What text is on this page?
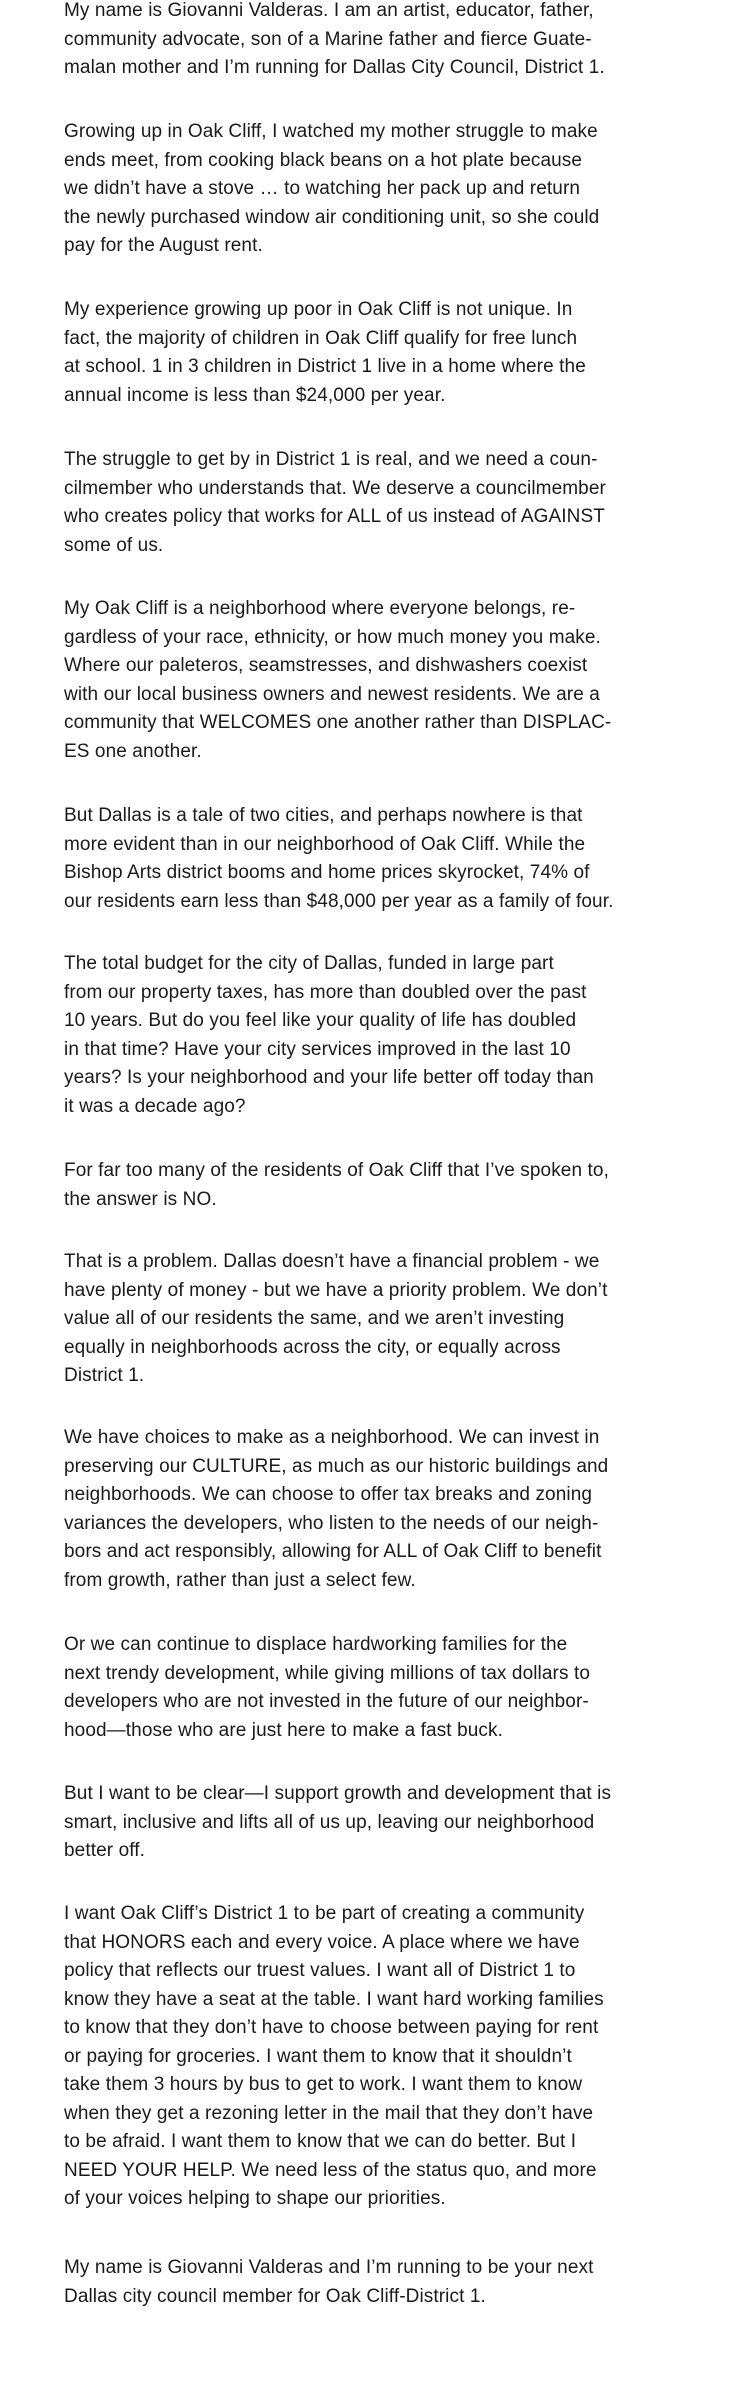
My name is Giovanni Valderas. I am an artist, educator, father,
community advocate, son of a Marine father and fierce Guate-
malan mother and I’m running for Dallas City Council, District 1.

Growing up in Oak Cliff, I watched my mother struggle to make
ends meet, from cooking black beans on a hot plate because
we didn’t have a stove … to watching her pack up and return
the newly purchased window air conditioning unit, so she could
pay for the August rent.

My experience growing up poor in Oak Cliff is not unique. In
fact, the majority of children in Oak Cliff qualify for free lunch
at school. 1 in 3 children in District 1 live in a home where the
annual income is less than $24,000 per year.

The struggle to get by in District 1 is real, and we need a coun-
cilmember who understands that. We deserve a councilmember
who creates policy that works for ALL of us instead of AGAINST
some of us.

My Oak Cliff is a neighborhood where everyone belongs, re-
gardless of your race, ethnicity, or how much money you make.
Where our paleteros, seamstresses, and dishwashers coexist
with our local business owners and newest residents. We are a
community that WELCOMES one another rather than DISPLAC-
ES one another.

But Dallas is a tale of two cities, and perhaps nowhere is that
more evident than in our neighborhood of Oak Cliff. While the
Bishop Arts district booms and home prices skyrocket, 74% of
our residents earn less than $48,000 per year as a family of four.

The total budget for the city of Dallas, funded in large part
from our property taxes, has more than doubled over the past
10 years. But do you feel like your quality of life has doubled
in that time? Have your city services improved in the last 10
years? Is your neighborhood and your life better off today than
it was a decade ago?

For far too many of the residents of Oak Cliff that I’ve spoken to,
the answer is NO.

That is a problem. Dallas doesn’t have a financial problem - we
have plenty of money - but we have a priority problem. We don’t
value all of our residents the same, and we aren’t investing
equally in neighborhoods across the city, or equally across
District 1.

We have choices to make as a neighborhood. We can invest in
preserving our CULTURE, as much as our historic buildings and
neighborhoods. We can choose to offer tax breaks and zoning
variances the developers, who listen to the needs of our neigh-
bors and act responsibly, allowing for ALL of Oak Cliff to benefit
from growth, rather than just a select few.

Or we can continue to displace hardworking families for the
next trendy development, while giving millions of tax dollars to
developers who are not invested in the future of our neighbor-
hood—those who are just here to make a fast buck.

But I want to be clear—I support growth and development that is
smart, inclusive and lifts all of us up, leaving our neighborhood
better off.

I want Oak Cliff’s District 1 to be part of creating a community
that HONORS each and every voice. A place where we have
policy that reflects our truest values. I want all of District 1 to
know they have a seat at the table. I want hard working families
to know that they don’t have to choose between paying for rent
or paying for groceries. I want them to know that it shouldn’t
take them 3 hours by bus to get to work. I want them to know
when they get a rezoning letter in the mail that they don’t have
to be afraid. I want them to know that we can do better. But I
NEED YOUR HELP. We need less of the status quo, and more
of your voices helping to shape our priorities.

My name is Giovanni Valderas and I’m running to be your next
Dallas city council member for Oak Cliff-District 1.
